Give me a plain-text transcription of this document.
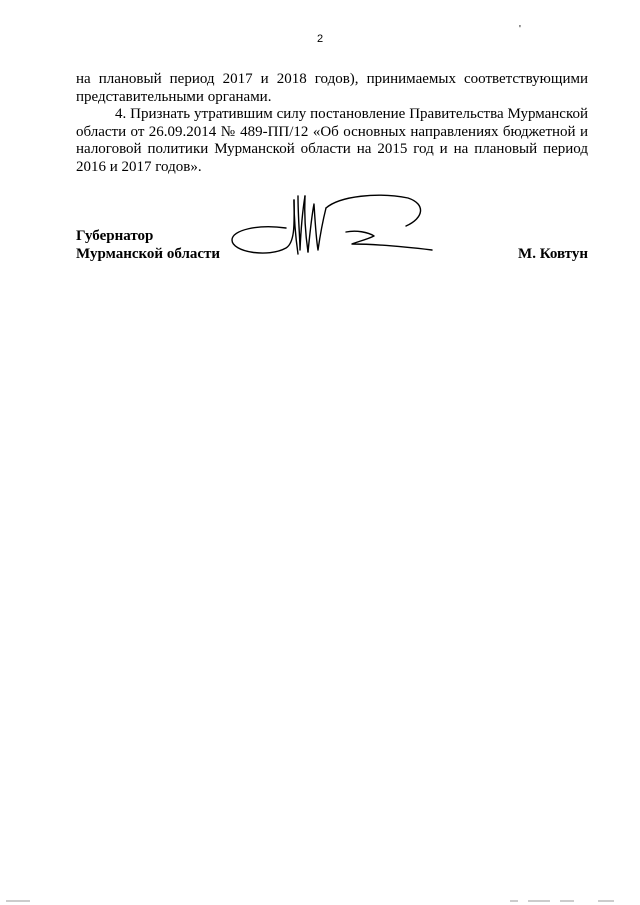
2
'

на плановый период 2017 и 2018 годов), принимаемых соответствующими представительными органами.

4. Признать утратившим силу постановление Правительства Мурманской области от 26.09.2014 № 489-ПП/12 «Об основных направлениях бюджетной и налоговой политики Мурманской области на 2015 год и на плановый период 2016 и 2017 годов».

Губернатор
Мурманской области	М. Ковтун
